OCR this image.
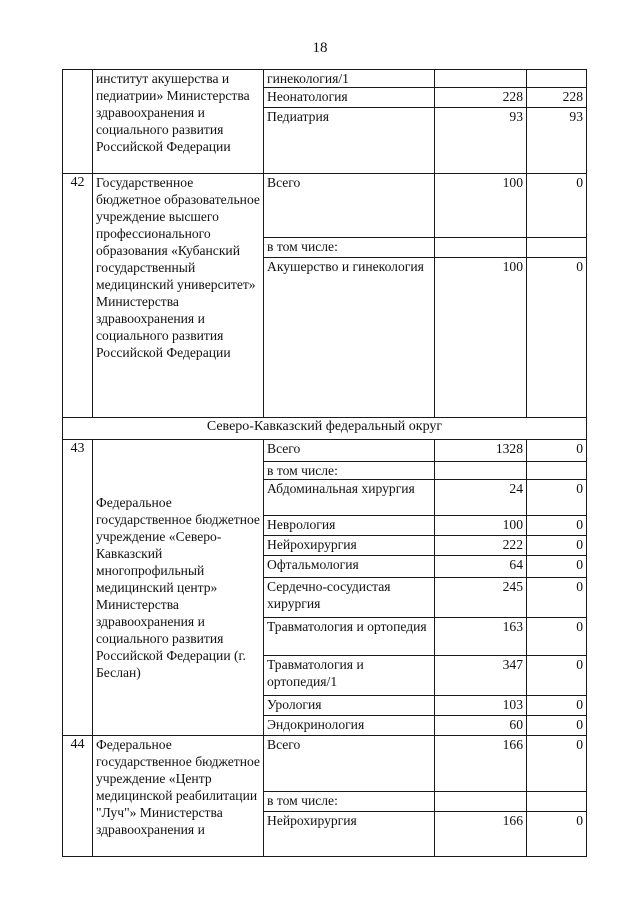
18
	институт акушерства и педиатрии» Министерства здравоохранения и социального развития Российской Федерации	гинекология/1		
		Неонатология	228	228
		Педиатрия	93	93
42	Государственное бюджетное образовательное учреждение высшего профессионального образования «Кубанский государственный медицинский университет» Министерства здравоохранения и социального развития Российской Федерации	Всего	100	0
		в том числе:		
		Акушерство и гинекология	100	0
Северо-Кавказский федеральный округ				
43	Федеральное государственное бюджетное учреждение «Северо-Кавказский многопрофильный медицинский центр» Министерства здравоохранения и социального развития Российской Федерации (г. Беслан)	Всего	1328	0
		в том числе:		
		Абдоминальная хирургия	24	0
		Неврология	100	0
		Нейрохирургия	222	0
		Офтальмология	64	0
		Сердечно-сосудистая хирургия	245	0
		Травматология и ортопедия	163	0
		Травматология и ортопедия/1	347	0
		Урология	103	0
		Эндокринология	60	0
44	Федеральное государственное бюджетное учреждение «Центр медицинской реабилитации "Луч"» Министерства здравоохранения и	Всего	166	0
		в том числе:		
		Нейрохирургия	166	0
